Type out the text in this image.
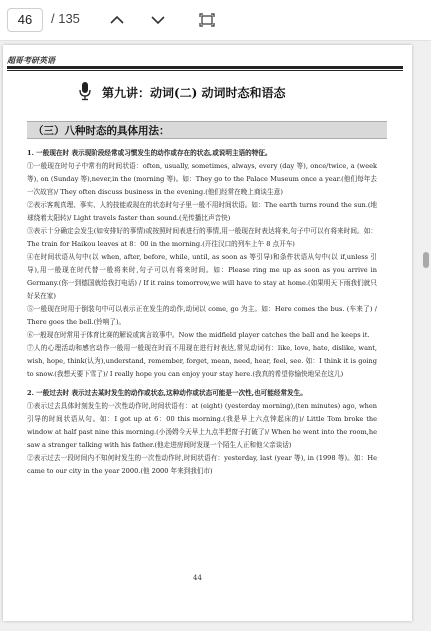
46	/ 135
超哥考研英语
第九讲：动词(二) 动词时态和语态
（三）八种时态的具体用法：

1. 一般现在时 表示现阶段经常或习惯发生的动作或存在的状态,或说明主语的特征。

①一般现在时句子中常有的时间状语：often, usually, sometimes, always, every (day 等), once/twice, a (week 等), on (Sunday 等),never,in the (morning 等)。如：They go to the Palace Museum once a year.(他们每年去一次故宫)/ They often discuss business in the evening.(他们经常在晚上商谈生意)

②表示客观真理、事实、人的技能或现在的状态时句子里一般不用时间状语。如：The earth turns round the sun.(地球绕着太阳转)/ Light travels faster than sound.(光传播比声音快)

③表示十分确定会发生(如安排好的事情)或按照时间表进行的事情,用一般现在时表达将来,句子中可以有将来时间。如：The train for Haikou leaves at 8：00 in the morning.(开往汉口的列车上午 8 点开车)

④在时间状语从句中(以 when, after, before, while, until, as soon as 等引导)和条件状语从句中(以 if,unless 引导),用一般现在时代替一般将来时,句子可以有将来时间。如：Please ring me up as soon as you arrive in Germany.(你一到德国就给我打电话) / If it rains tomorrow,we will have to stay at home.(如果明天下雨我们就只好呆在家)

⑤一般现在时用于倒装句中可以表示正在发生的动作,动词以 come, go 为主。如：Here comes the bus. (车来了) / There goes the bell.(铃响了)。

⑥一般现在时常用于体育比赛的解说或寓言故事中。Now the midfield player catches the ball and he keeps it.

⑦人的心理活动和感官动作一般用一般现在时而不用现在进行时表达,常见动词有：like, love, hate, dislike, want, wish, hope, think(认为),understand, remember, forget, mean, need, hear, feel, see. 如：I think it is going to snow.(我想天要下雪了)/ I really hope you can enjoy your stay here.(我真的希望你愉快地呆在这儿)

2. 一般过去时 表示过去某时发生的动作或状态,这种动作或状态可能是一次性,也可能经常发生。

①表示过去具体时刻发生的一次性动作时,时间状语有：at (eight) (yesterday morning),(ten minutes) ago, when 引导的时间状语从句。如：I got up at 6：00 this morning.(我是早上六点钟起床的)/ Little Tom broke the window at half past nine this morning.(小汤姆今天早上九点半把窗子打破了)/ When he went into the room,he saw a stranger talking with his father.(他走进房间时发现一个陌生人正和他父亲谈话)

②表示过去一段时间内不知何时发生的一次性动作时,时间状语有：yesterday, last (year 等), in (1998 等)。如：He came to our city in the year 2000.(他 2000 年来到我们市)

44
